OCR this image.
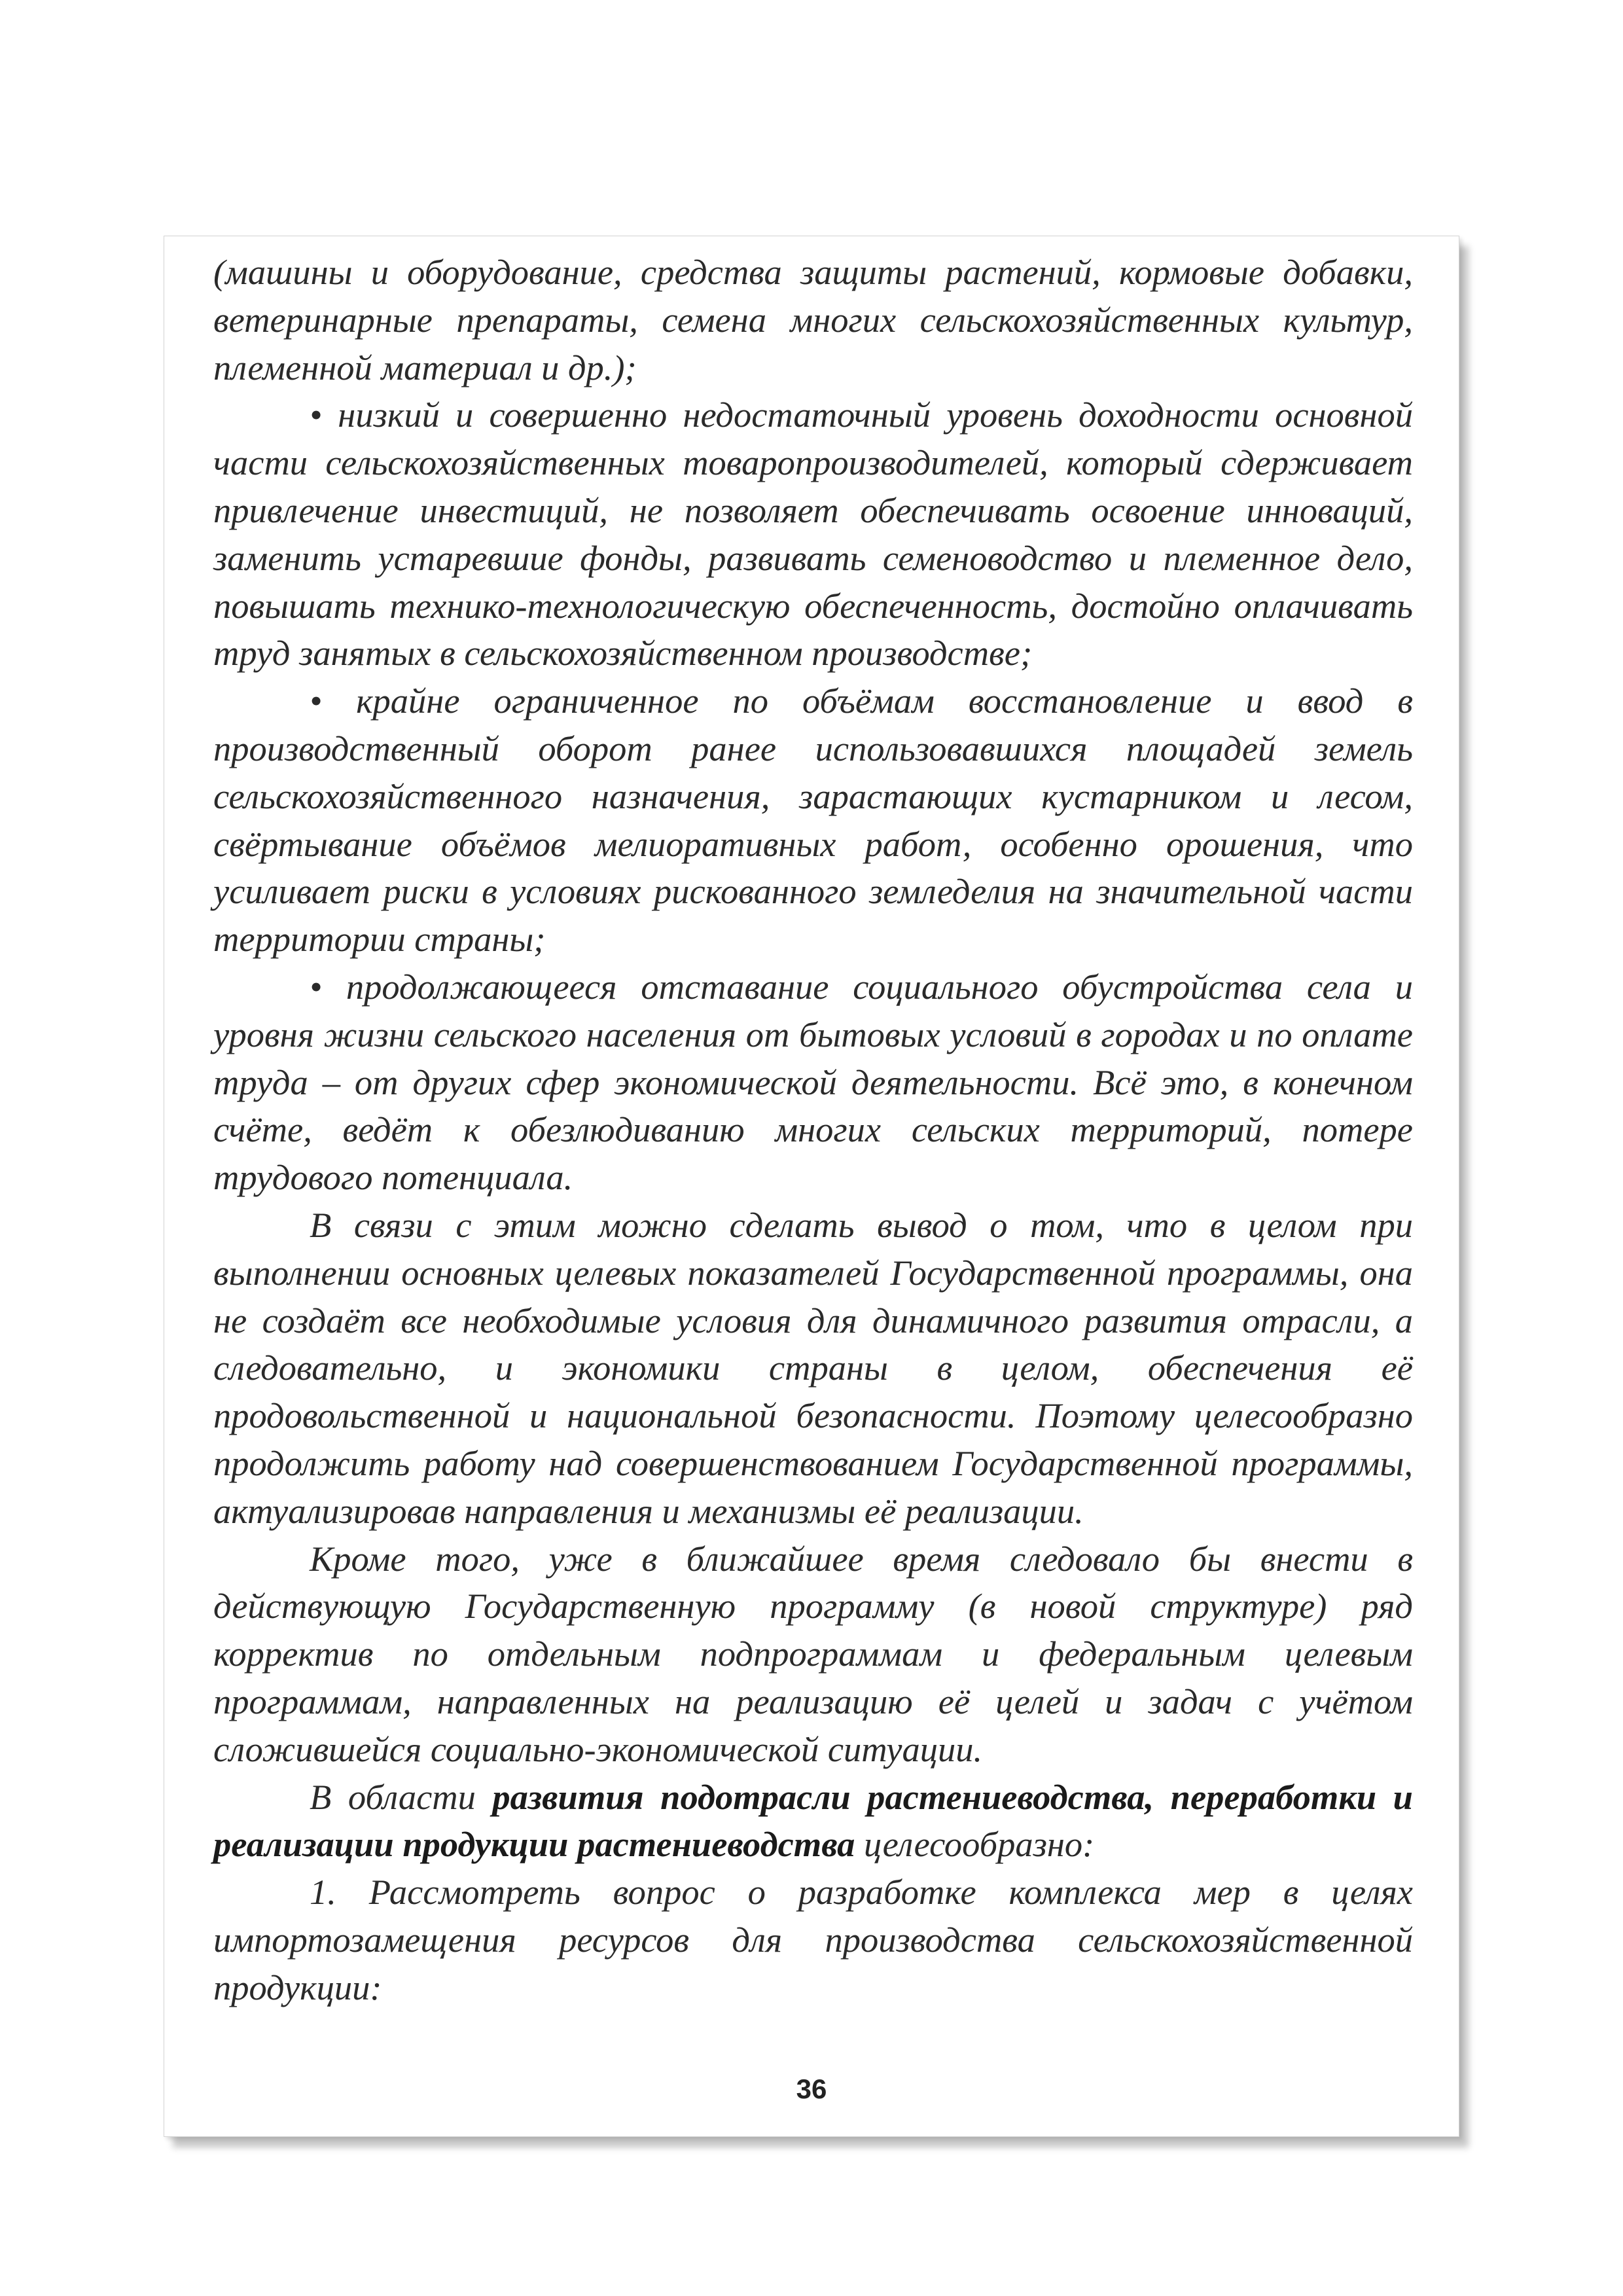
(машины и оборудование, средства защиты растений, кормовые добавки, ветеринарные препараты, семена многих сельскохозяйственных культур, племенной материал и др.);

• низкий и совершенно недостаточный уровень доходности основной части сельскохозяйственных товаропроизводителей, который сдерживает привлечение инвестиций, не позволяет обеспечивать освоение инноваций, заменить устаревшие фонды, развивать семеноводство и племенное дело, повышать технико-технологическую обеспеченность, достойно оплачивать труд занятых в сельскохозяйственном производстве;

• крайне ограниченное по объёмам восстановление и ввод в производственный оборот ранее использовавшихся площадей земель сельскохозяйственного назначения, зарастающих кустарником и лесом, свёртывание объёмов мелиоративных работ, особенно орошения, что усиливает риски в условиях рискованного земледелия на значительной части территории страны;

• продолжающееся отставание социального обустройства села и уровня жизни сельского населения от бытовых условий в городах и по оплате труда – от других сфер экономической деятельности. Всё это, в конечном счёте, ведёт к обезлюдиванию многих сельских территорий, потере трудового потенциала.

В связи с этим можно сделать вывод о том, что в целом при выполнении основных целевых показателей Государственной программы, она не создаёт все необходимые условия для динамичного развития отрасли, а следовательно, и экономики страны в целом, обеспечения её продовольственной и национальной безопасности. Поэтому целесообразно продолжить работу над совершенствованием Государственной программы, актуализировав направления и механизмы её реализации.

Кроме того, уже в ближайшее время следовало бы внести в действующую Государственную программу (в новой структуре) ряд корректив по отдельным подпрограммам и федеральным целевым программам, направленных на реализацию её целей и задач с учётом сложившейся социально-экономической ситуации.

В области развития подотрасли растениеводства, переработки и реализации продукции растениеводства целесообразно:

1. Рассмотреть вопрос о разработке комплекса мер в целях импортозамещения ресурсов для производства сельскохозяйственной продукции:

36
